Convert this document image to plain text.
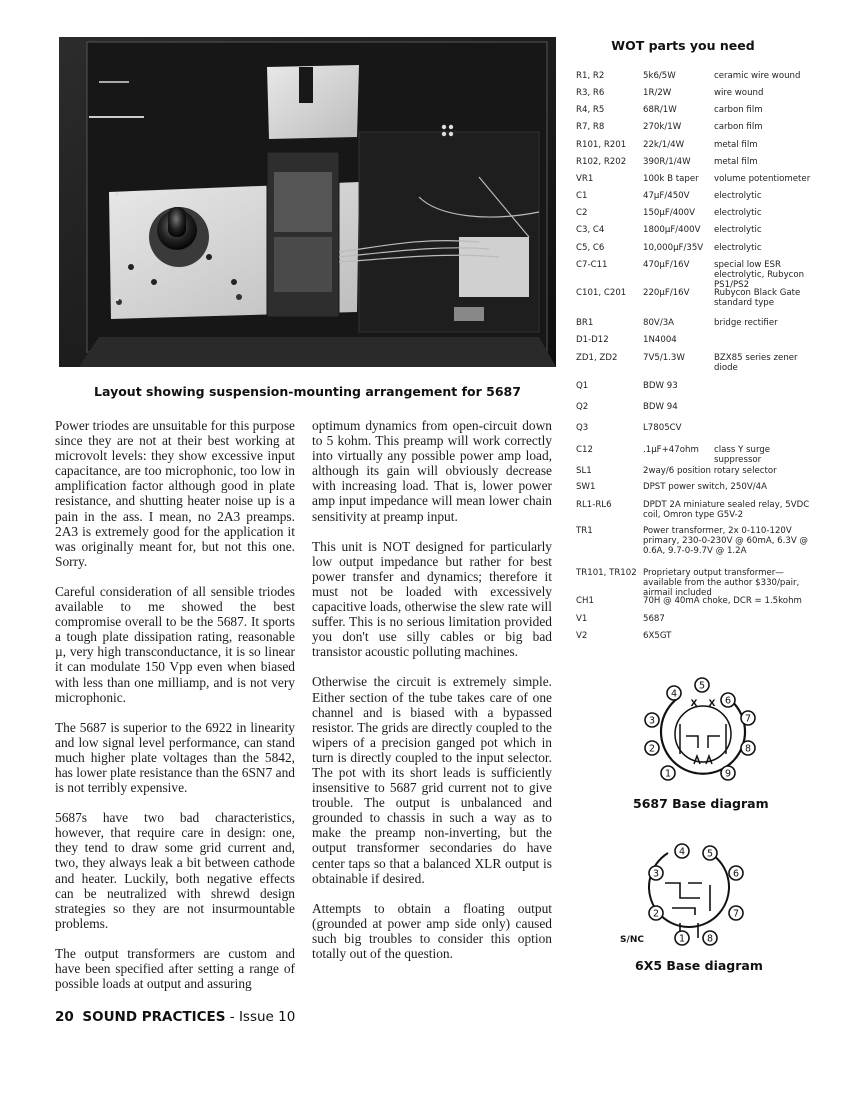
Layout showing suspension-mounting arrangement for 5687

Power triodes are unsuitable for this purpose since they are not at their best working at microvolt levels: they show excessive input capacitance, are too microphonic, too low in amplification factor although good in plate resistance, and shutting heater noise up is a pain in the ass. I mean, no 2A3 preamps. 2A3 is extremely good for the application it was originally meant for, but not this one. Sorry.

Careful consideration of all sensible triodes available to me showed the best compromise overall to be the 5687. It sports a tough plate dissipation rating, reasonable µ, very high transconductance, it is so linear it can modulate 150 Vpp even when biased with less than one milliamp, and is not very microphonic.

The 5687 is superior to the 6922 in linearity and low signal level performance, can stand much higher plate voltages than the 5842, has lower plate resistance than the 6SN7 and is not terribly expensive.

5687s have two bad characteristics, however, that require care in design: one, they tend to draw some grid current and, two, they always leak a bit between cathode and heater. Luckily, both negative effects can be neutralized with shrewd design strategies so they are not insurmountable problems.

The output transformers are custom and have been specified after setting a range of possible loads at output and assuring

optimum dynamics from open-circuit down to 5 kohm. This preamp will work correctly into virtually any possible power amp load, although its gain will obviously decrease with increasing load. That is, lower power amp input impedance will mean lower chain sensitivity at preamp input.

This unit is NOT designed for particularly low output impedance but rather for best power transfer and dynamics; therefore it must not be loaded with excessively capacitive loads, otherwise the slew rate will suffer. This is no serious limitation provided you don't use silly cables or big bad transistor acoustic polluting machines.

Otherwise the circuit is extremely simple. Either section of the tube takes care of one channel and is biased with a bypassed resistor. The grids are directly coupled to the wipers of a precision ganged pot which in turn is directly coupled to the input selector. The pot with its short leads is sufficiently insensitive to 5687 grid current not to give trouble. The output is unbalanced and grounded to chassis in such a way as to make the preamp non-inverting, but the output transformer secondaries do have center taps so that a balanced XLR output is obtainable if desired.

Attempts to obtain a floating output (grounded at power amp side only) caused such big troubles to consider this option totally out of the question.

WOT parts you need
R1, R2	5k6/5W	ceramic wire wound
R3, R6	1R/2W	wire wound
R4, R5	68R/1W	carbon film
R7, R8	270k/1W	carbon film
R101, R201	22k/1/4W	metal film
R102, R202	390R/1/4W	metal film
VR1	100k B taper	volume potentiometer
C1	47µF/450V	electrolytic
C2	150µF/400V	electrolytic
C3, C4	1800µF/400V	electrolytic
C5, C6	10,000µF/35V	electrolytic
C7-C11	470µF/16V	special low ESR electrolytic, Rubycon PS1/PS2
C101, C201	220µF/16V	Rubycon Black Gate standard type
BR1	80V/3A	bridge rectifier
D1-D12	1N4004
ZD1, ZD2	7V5/1.3W	BZX85 series zener diode
Q1	BDW 93
Q2	BDW 94
Q3	L7805CV
C12	.1µF+47ohm	class Y surge suppressor
SL1	2way/6 position rotary selector
SW1	DPST power switch, 250V/4A
RL1-RL6	DPDT 2A miniature sealed relay, 5VDC coil, Omron type G5V-2
TR1	Power transformer, 2x 0-110-120V primary, 230-0-230V @ 60mA, 6.3V @ 0.6A, 9.7-0-9.7V @ 1.2A
TR101, TR102 Proprietary output transformer—available from the author $330/pair, airmail included
CH1	70H @ 40mA choke, DCR = 1.5kohm
V1	5687
V2	6X5GT
1
2
3
4
5
6
7
8
9
X X
5687 Base diagram
2
3
4 5
6
7
8
S/NC	1
6X5 Base diagram
20 SOUND PRACTICES - Issue 10
